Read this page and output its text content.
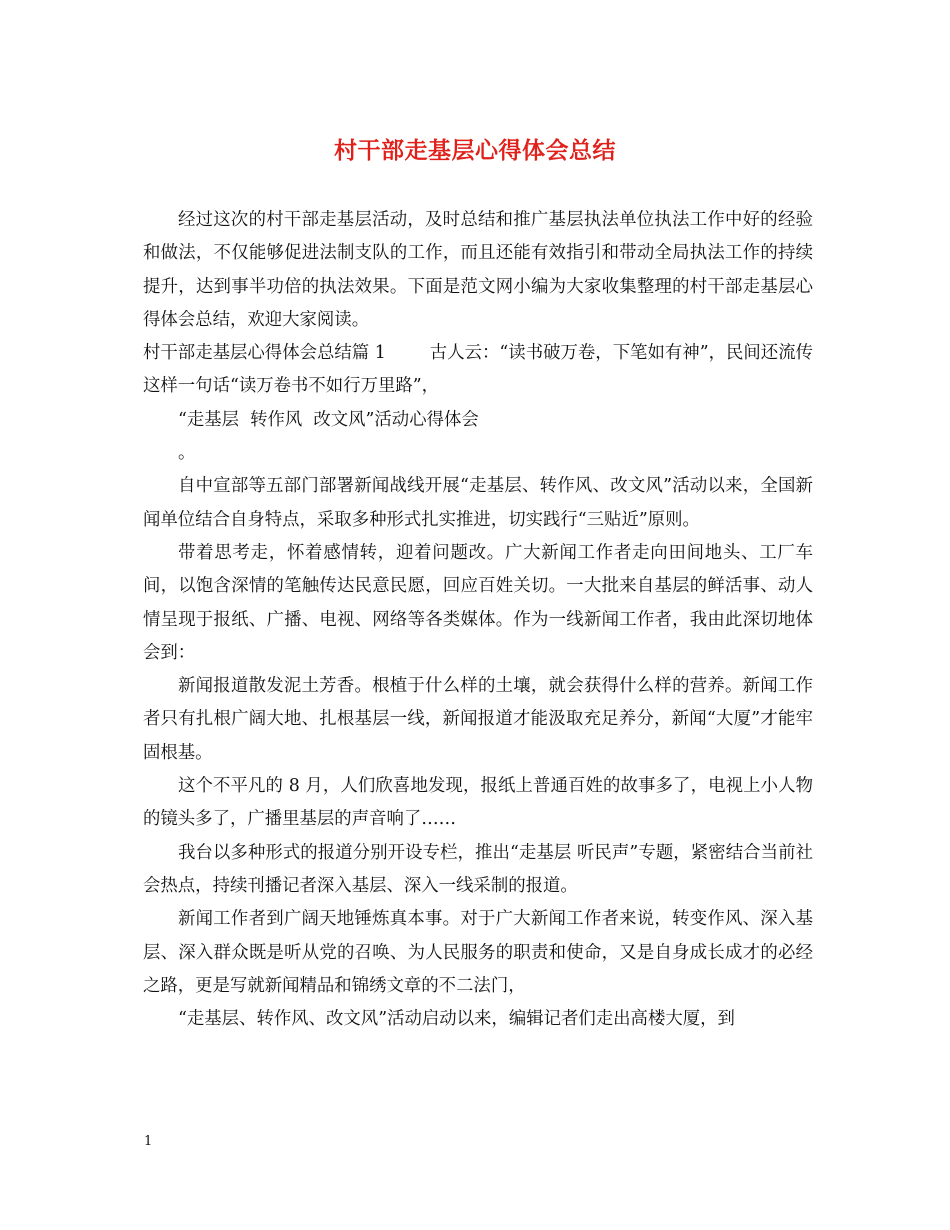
村干部走基层心得体会总结

经过这次的村干部走基层活动，及时总结和推广基层执法单位执法工作中好的经验和做法，不仅能够促进法制支队的工作，而且还能有效指引和带动全局执法工作的持续提升，达到事半功倍的执法效果。下面是范文网小编为大家收集整理的村干部走基层心得体会总结，欢迎大家阅读。

村干部走基层心得体会总结篇 1	古人云：“读书破万卷，下笔如有神”，民间还流传这样一句话“读万卷书不如行万里路”，

“走基层  转作风  改文风”活动心得体会

。

自中宣部等五部门部署新闻战线开展“走基层、转作风、改文风”活动以来，全国新闻单位结合自身特点，采取多种形式扎实推进，切实践行“三贴近”原则。

带着思考走，怀着感情转，迎着问题改。广大新闻工作者走向田间地头、工厂车间，以饱含深情的笔触传达民意民愿，回应百姓关切。一大批来自基层的鲜活事、动人情呈现于报纸、广播、电视、网络等各类媒体。作为一线新闻工作者，我由此深切地体会到：

新闻报道散发泥土芳香。根植于什么样的土壤，就会获得什么样的营养。新闻工作者只有扎根广阔大地、扎根基层一线，新闻报道才能汲取充足养分，新闻“大厦”才能牢固根基。

这个不平凡的 8 月，人们欣喜地发现，报纸上普通百姓的故事多了，电视上小人物的镜头多了，广播里基层的声音响了……

我台以多种形式的报道分别开设专栏，推出“走基层 听民声”专题，紧密结合当前社会热点，持续刊播记者深入基层、深入一线采制的报道。

新闻工作者到广阔天地锤炼真本事。对于广大新闻工作者来说，转变作风、深入基层、深入群众既是听从党的召唤、为人民服务的职责和使命，又是自身成长成才的必经之路，更是写就新闻精品和锦绣文章的不二法门，

“走基层、转作风、改文风”活动启动以来，编辑记者们走出高楼大厦，到

1
